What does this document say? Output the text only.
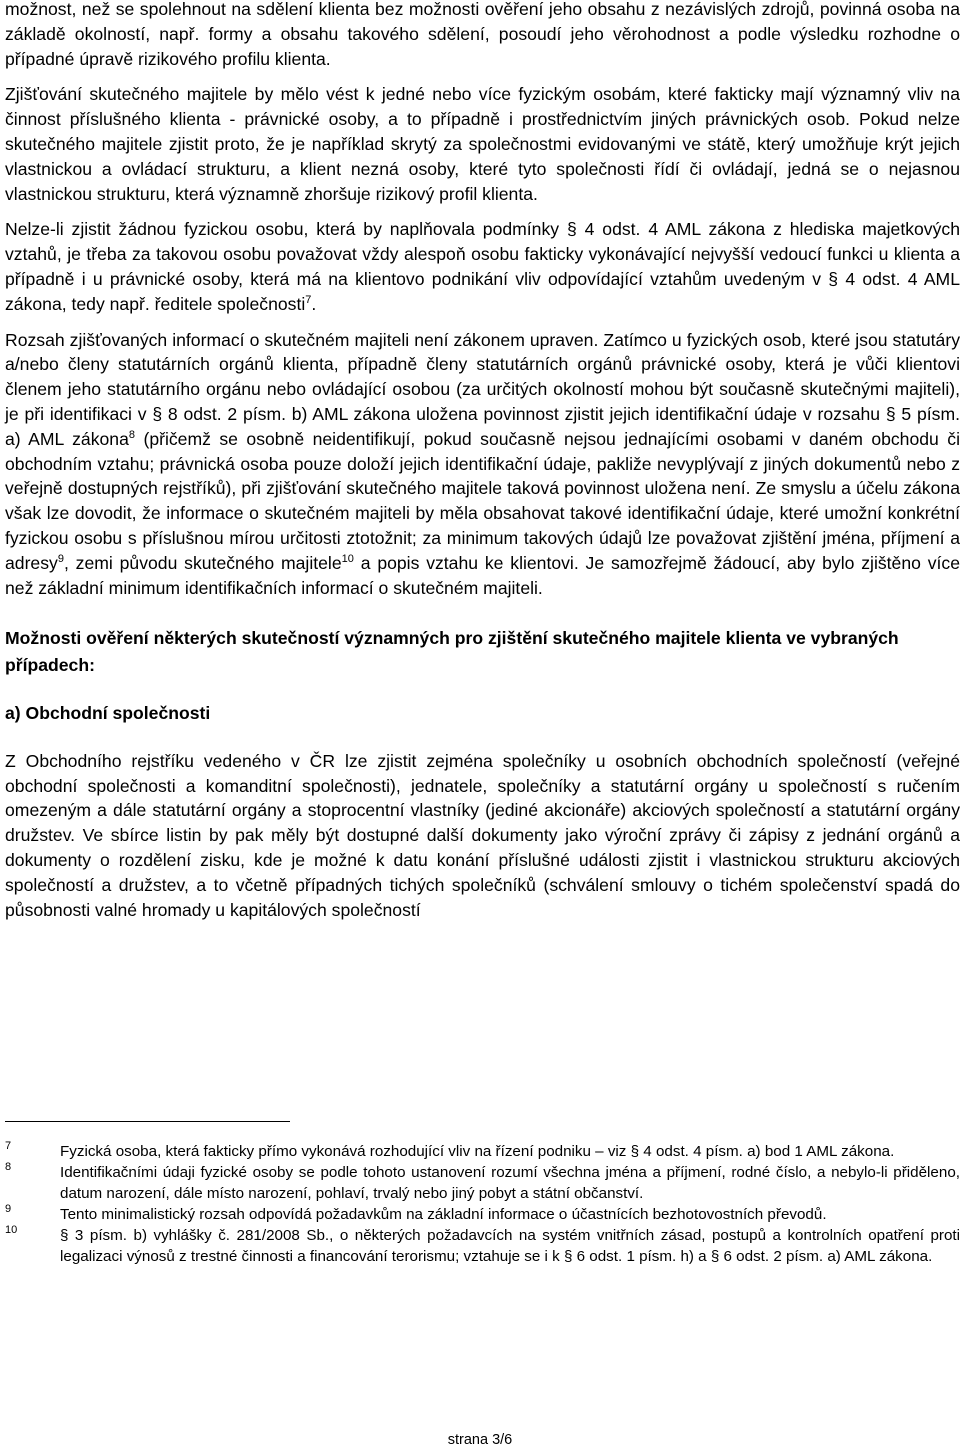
možnost, než se spolehnout na sdělení klienta bez možnosti ověření jeho obsahu z nezávislých zdrojů, povinná osoba na základě okolností, např. formy a obsahu takového sdělení, posoudí jeho věrohodnost a podle výsledku rozhodne o případné úpravě rizikového profilu klienta.

Zjišťování skutečného majitele by mělo vést k jedné nebo více fyzickým osobám, které fakticky mají významný vliv na činnost příslušného klienta - právnické osoby, a to případně i prostřednictvím jiných právnických osob. Pokud nelze skutečného majitele zjistit proto, že je například skrytý za společnostmi evidovanými ve státě, který umožňuje krýt jejich vlastnickou a ovládací strukturu, a klient nezná osoby, které tyto společnosti řídí či ovládají, jedná se o nejasnou vlastnickou strukturu, která významně zhoršuje rizikový profil klienta.

Nelze-li zjistit žádnou fyzickou osobu, která by naplňovala podmínky § 4 odst. 4 AML zákona z hlediska majetkových vztahů, je třeba za takovou osobu považovat vždy alespoň osobu fakticky vykonávající nejvyšší vedoucí funkci u klienta a případně i u právnické osoby, která má na klientovo podnikání vliv odpovídající vztahům uvedeným v § 4 odst. 4 AML zákona, tedy např. ředitele společnosti$^7$.

Rozsah zjišťovaných informací o skutečném majiteli není zákonem upraven. Zatímco u fyzických osob, které jsou statutáry a/nebo členy statutárních orgánů klienta, případně členy statutárních orgánů právnické osoby, která je vůči klientovi členem jeho statutárního orgánu nebo ovládající osobou (za určitých okolností mohou být současně skutečnými majiteli), je při identifikaci v § 8 odst. 2 písm. b) AML zákona uložena povinnost zjistit jejich identifikační údaje v rozsahu § 5 písm. a) AML zákona$^8$ (přičemž se osobně neidentifikují, pokud současně nejsou jednajícími osobami v daném obchodu či obchodním vztahu; právnická osoba pouze doloží jejich identifikační údaje, pakliže nevyplývají z jiných dokumentů nebo z veřejně dostupných rejstříků), při zjišťování skutečného majitele taková povinnost uložena není. Ze smyslu a účelu zákona však lze dovodit, že informace o skutečném majiteli by měla obsahovat takové identifikační údaje, které umožní konkrétní fyzickou osobu s příslušnou mírou určitosti ztotožnit; za minimum takových údajů lze považovat zjištění jména, příjmení a adresy$^9$, zemi původu skutečného majitele$^{10}$ a popis vztahu ke klientovi. Je samozřejmě žádoucí, aby bylo zjištěno více než základní minimum identifikačních informací o skutečném majiteli.

Možnosti ověření některých skutečností významných pro zjištění skutečného majitele klienta ve vybraných případech:

a) Obchodní společnosti

Z Obchodního rejstříku vedeného v ČR lze zjistit zejména společníky u osobních obchodních společností (veřejné obchodní společnosti a komanditní společnosti), jednatele, společníky a statutární orgány u společností s ručením omezeným a dále statutární orgány a stoprocentní vlastníky (jediné akcionáře) akciových společností a statutární orgány družstev. Ve sbírce listin by pak měly být dostupné další dokumenty jako výroční zprávy či zápisy z jednání orgánů a dokumenty o rozdělení zisku, kde je možné k datu konání příslušné události zjistit i vlastnickou strukturu akciových společností a družstev, a to včetně případných tichých společníků (schválení smlouvy o tichém společenství spadá do působnosti valné hromady u kapitálových společností

7	Fyzická osoba, která fakticky přímo vykonává rozhodující vliv na řízení podniku – viz § 4 odst. 4 písm. a) bod 1 AML zákona.
8	Identifikačními údaji fyzické osoby se podle tohoto ustanovení rozumí všechna jména a příjmení, rodné číslo, a nebylo-li přiděleno, datum narození, dále místo narození, pohlaví, trvalý nebo jiný pobyt a státní občanství.
9	Tento minimalistický rozsah odpovídá požadavkům na základní informace o účastnících bezhotovostních převodů.
10	§ 3 písm. b) vyhlášky č. 281/2008 Sb., o některých požadavcích na systém vnitřních zásad, postupů a kontrolních opatření proti legalizaci výnosů z trestné činnosti a financování terorismu; vztahuje se i k § 6 odst. 1 písm. h) a § 6 odst. 2 písm. a) AML zákona.
strana 3/6
